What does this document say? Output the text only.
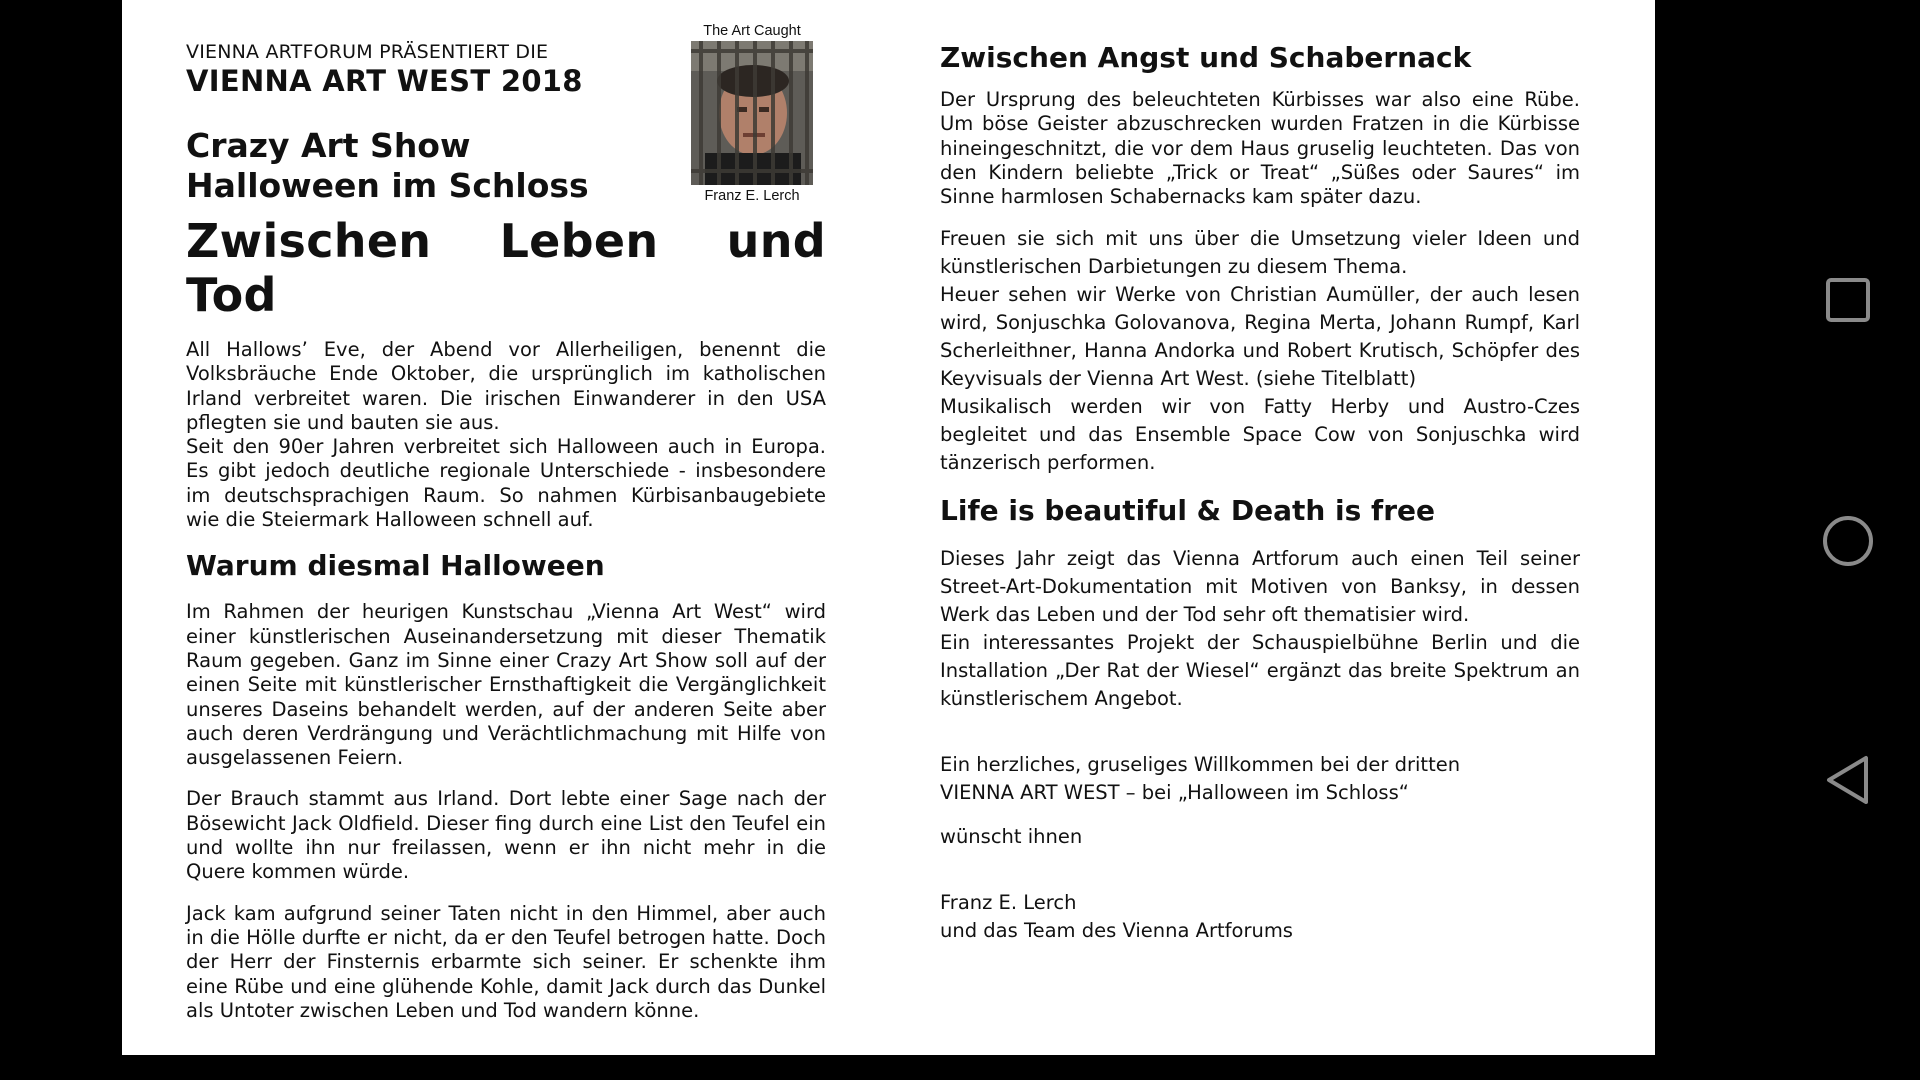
VIENNA ARTFORUM PRÄSENTIERT DIE

VIENNA ART WEST 2018

Crazy Art Show

Halloween im Schloss

Zwischen Leben und Tod

All Hallows’ Eve, der Abend vor Allerheiligen, benennt die Volksbräuche Ende Oktober, die ursprünglich im katholischen Irland verbreitet waren. Die irischen Einwanderer in den USA pflegten sie und bauten sie aus.

Seit den 90er Jahren verbreitet sich Halloween auch in Europa. Es gibt jedoch deutliche regionale Unterschiede - insbesondere im deutschsprachigen Raum. So nahmen Kürbisanbaugebiete wie die Steiermark Halloween schnell auf.

Warum diesmal Halloween

Im Rahmen der heurigen Kunstschau „Vienna Art West“ wird einer künstlerischen Auseinandersetzung mit dieser Thematik Raum gegeben. Ganz im Sinne einer Crazy Art Show soll auf der einen Seite mit künstlerischer Ernsthaftigkeit die Vergänglichkeit unseres Daseins behandelt werden, auf der anderen Seite aber auch deren Verdrängung und Verächtlichmachung mit Hilfe von ausgelassenen Feiern.

Der Brauch stammt aus Irland. Dort lebte einer Sage nach der Bösewicht Jack Oldfield. Dieser fing durch eine List den Teufel ein und wollte ihn nur freilassen, wenn er ihn nicht mehr in die Quere kommen würde.

Jack kam aufgrund seiner Taten nicht in den Himmel, aber auch in die Hölle durfte er nicht, da er den Teufel betrogen hatte. Doch der Herr der Finsternis erbarmte sich seiner. Er schenkte ihm eine Rübe und eine glühende Kohle, damit Jack durch das Dunkel als Untoter zwischen Leben und Tod wandern könne.

The Art Caught

Franz E. Lerch

Zwischen Angst und Schabernack

Der Ursprung des beleuchteten Kürbisses war also eine Rübe. Um böse Geister abzuschrecken wurden Fratzen in die Kürbisse hineingeschnitzt, die vor dem Haus gruselig leuchteten. Das von den Kindern beliebte „Trick or Treat“ „Süßes oder Saures“ im Sinne harmlosen Schabernacks kam später dazu.

Freuen sie sich mit uns über die Umsetzung vieler Ideen und künstlerischen Darbietungen zu diesem Thema.

Heuer sehen wir Werke von Christian Aumüller, der auch lesen wird, Sonjuschka Golovanova, Regina Merta, Johann Rumpf, Karl Scherleithner, Hanna Andorka und Robert Krutisch, Schöpfer des Keyvisuals der Vienna Art West. (siehe Titelblatt)

Musikalisch werden wir von Fatty Herby und Austro-Czes begleitet und das Ensemble Space Cow von Sonjuschka wird tänzerisch performen.

Life is beautiful & Death is free

Dieses Jahr zeigt das Vienna Artforum auch einen Teil seiner Street-Art-Dokumentation mit Motiven von Banksy, in dessen Werk das Leben und der Tod sehr oft thematisier wird.

Ein interessantes Projekt der Schauspielbühne Berlin und die Installation „Der Rat der Wiesel“ ergänzt das breite Spektrum an künstlerischem Angebot.

Ein herzliches, gruseliges Willkommen bei der dritten

VIENNA ART WEST – bei „Halloween im Schloss“

wünscht ihnen

Franz E. Lerch

und das Team des Vienna Artforums
